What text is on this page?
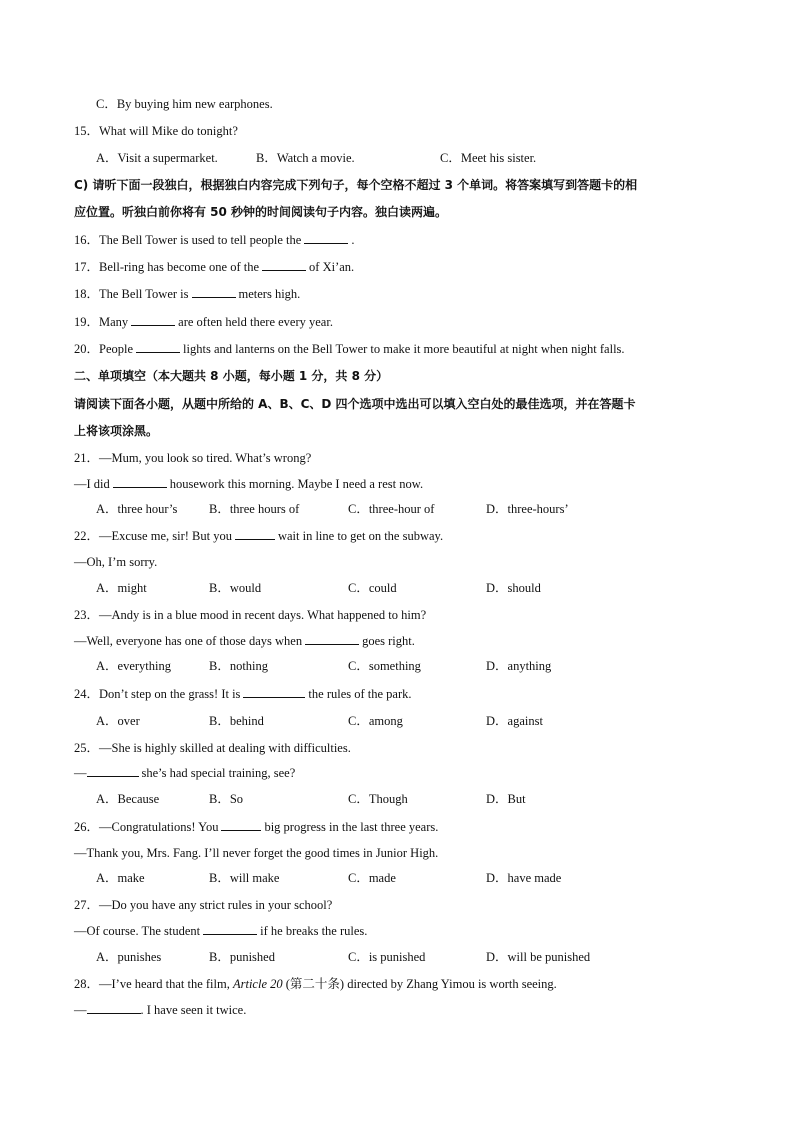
C．By buying him new earphones.
15．What will Mike do tonight?
A．Visit a supermarket.	B．Watch a movie.	C．Meet his sister.
C) 请听下面一段独白，根据独白内容完成下列句子，每个空格不超过 3 个单词。将答案填写到答题卡的相
应位置。听独白前你将有 50 秒钟的时间阅读句子内容。独白读两遍。
16．The Bell Tower is used to tell people the	.
17．Bell-ring has become one of the	of Xi’an.
18．The Bell Tower is	meters high.
19．Many	are often held there every year.
20．People	lights and lanterns on the Bell Tower to make it more beautiful at night when night falls.
二、单项填空（本大题共 8 小题，每小题 1 分，共 8 分）
请阅读下面各小题，从题中所给的 A、B、C、D 四个选项中选出可以填入空白处的最佳选项，并在答题卡
上将该项涂黑。
21．—Mum, you look so tired. What’s wrong?
—I did	housework this morning. Maybe I need a rest now.
A．three hour’s	B．three hours of	C．three-hour of	D．three-hours’
22．—Excuse me, sir! But you	wait in line to get on the subway.
—Oh, I’m sorry.
A．might	B．would	C．could	D．should
23．—Andy is in a blue mood in recent days. What happened to him?
—Well, everyone has one of those days when	goes right.
A．everything	B．nothing	C．something	D．anything
24．Don’t step on the grass! It is	the rules of the park.
A．over	B．behind	C．among	D．against
25．—She is highly skilled at dealing with difficulties.
—	she’s had special training, see?
A．Because	B．So	C．Though	D．But
26．—Congratulations! You	big progress in the last three years.
—Thank you, Mrs. Fang. I’ll never forget the good times in Junior High.
A．make	B．will make	C．made	D．have made
27．—Do you have any strict rules in your school?
—Of course. The student	if he breaks the rules.
A．punishes	B．punished	C．is punished	D．will be punished
28．—I’ve heard that the film, Article 20 (第二十条) directed by Zhang Yimou is worth seeing.
—	. I have seen it twice.
